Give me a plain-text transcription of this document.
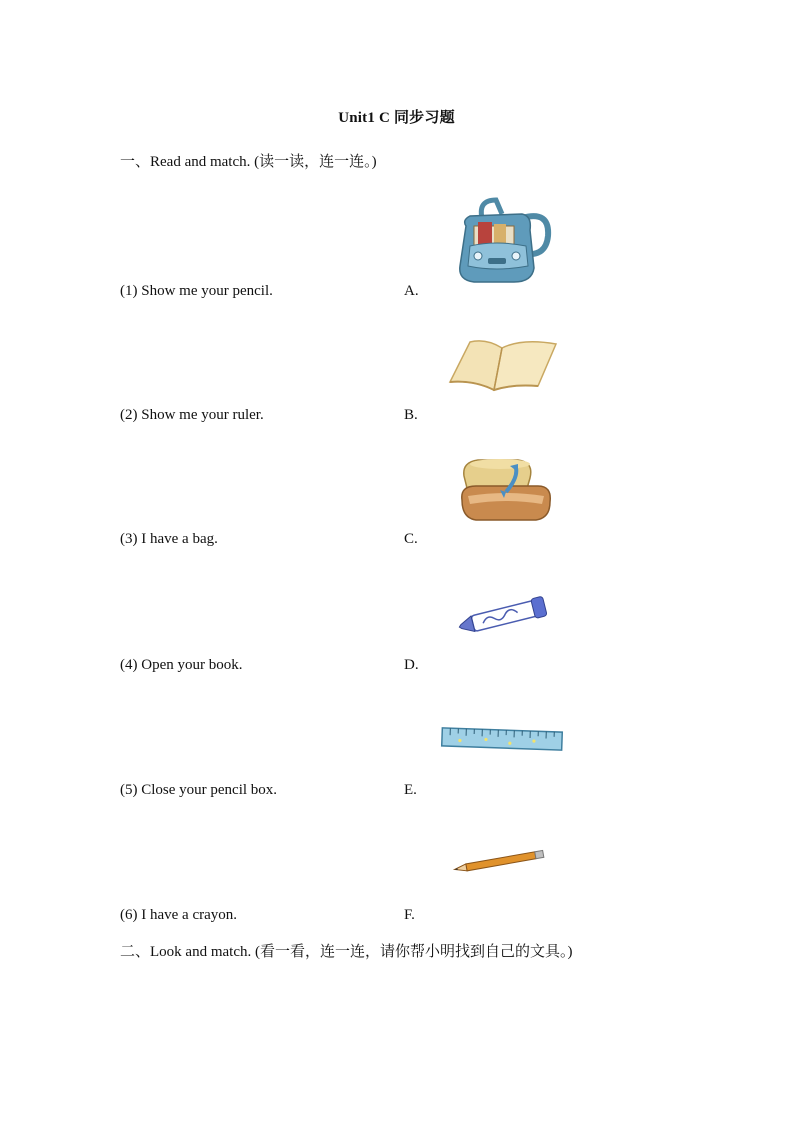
Unit1 C 同步习题
一、Read and match. (读一读，连一连。)
(1) Show me your pencil.
(2) Show me your ruler.
(3) I have a bag.
(4) Open your book.
(5) Close your pencil box.
(6) I have a crayon.
A.
B.
C.
D.
E.
F.
二、Look and match. (看一看，连一连，请你帮小明找到自己的文具。)
